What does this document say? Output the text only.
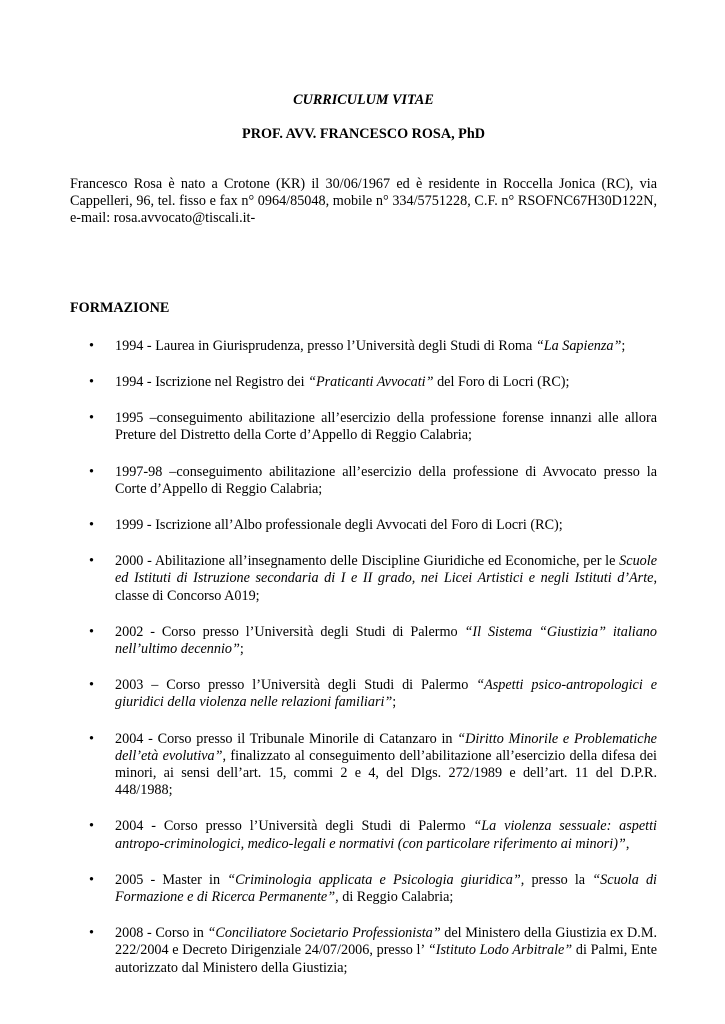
CURRICULUM VITAE

PROF. AVV. FRANCESCO ROSA, PhD

Francesco Rosa è nato a Crotone (KR) il 30/06/1967 ed è residente in Roccella Jonica (RC), via Cappelleri, 96, tel. fisso e fax n° 0964/85048, mobile n° 334/5751228, C.F. n° RSOFNC67H30D122N, e-mail: rosa.avvocato@tiscali.it-

FORMAZIONE

• 1994 - Laurea in Giurisprudenza, presso l’Università degli Studi di Roma “La Sapienza”;
• 1994 - Iscrizione nel Registro dei “Praticanti Avvocati” del Foro di Locri (RC);
• 1995 –conseguimento abilitazione all’esercizio della professione forense innanzi alle allora Preture del Distretto della Corte d’Appello di Reggio Calabria;
• 1997-98 –conseguimento abilitazione all’esercizio della professione di Avvocato presso la Corte d’Appello di Reggio Calabria;
• 1999 - Iscrizione all’Albo professionale degli Avvocati del Foro di Locri (RC);
• 2000 - Abilitazione all’insegnamento delle Discipline Giuridiche ed Economiche, per le Scuole ed Istituti di Istruzione secondaria di I e II grado, nei Licei Artistici e negli Istituti d’Arte, classe di Concorso A019;
• 2002 - Corso presso l’Università degli Studi di Palermo “Il Sistema “Giustizia” italiano nell’ultimo decennio”;
• 2003 – Corso presso l’Università degli Studi di Palermo “Aspetti psico-antropologici e giuridici della violenza nelle relazioni familiari”;
• 2004 - Corso presso il Tribunale Minorile di Catanzaro in “Diritto Minorile e Problematiche dell’età evolutiva”, finalizzato al conseguimento dell’abilitazione all’esercizio della difesa dei minori, ai sensi dell’art. 15, commi 2 e 4, del Dlgs. 272/1989 e dell’art. 11 del D.P.R. 448/1988;
• 2004 - Corso presso l’Università degli Studi di Palermo “La violenza sessuale: aspetti antropo-criminologici, medico-legali e normativi (con particolare riferimento ai minori)”,
• 2005 - Master in “Criminologia applicata e Psicologia giuridica”, presso la “Scuola di Formazione e di Ricerca Permanente”, di Reggio Calabria;
• 2008 - Corso in “Conciliatore Societario Professionista” del Ministero della Giustizia ex D.M. 222/2004 e Decreto Dirigenziale 24/07/2006, presso l’ “Istituto Lodo Arbitrale” di Palmi, Ente autorizzato dal Ministero della Giustizia;
